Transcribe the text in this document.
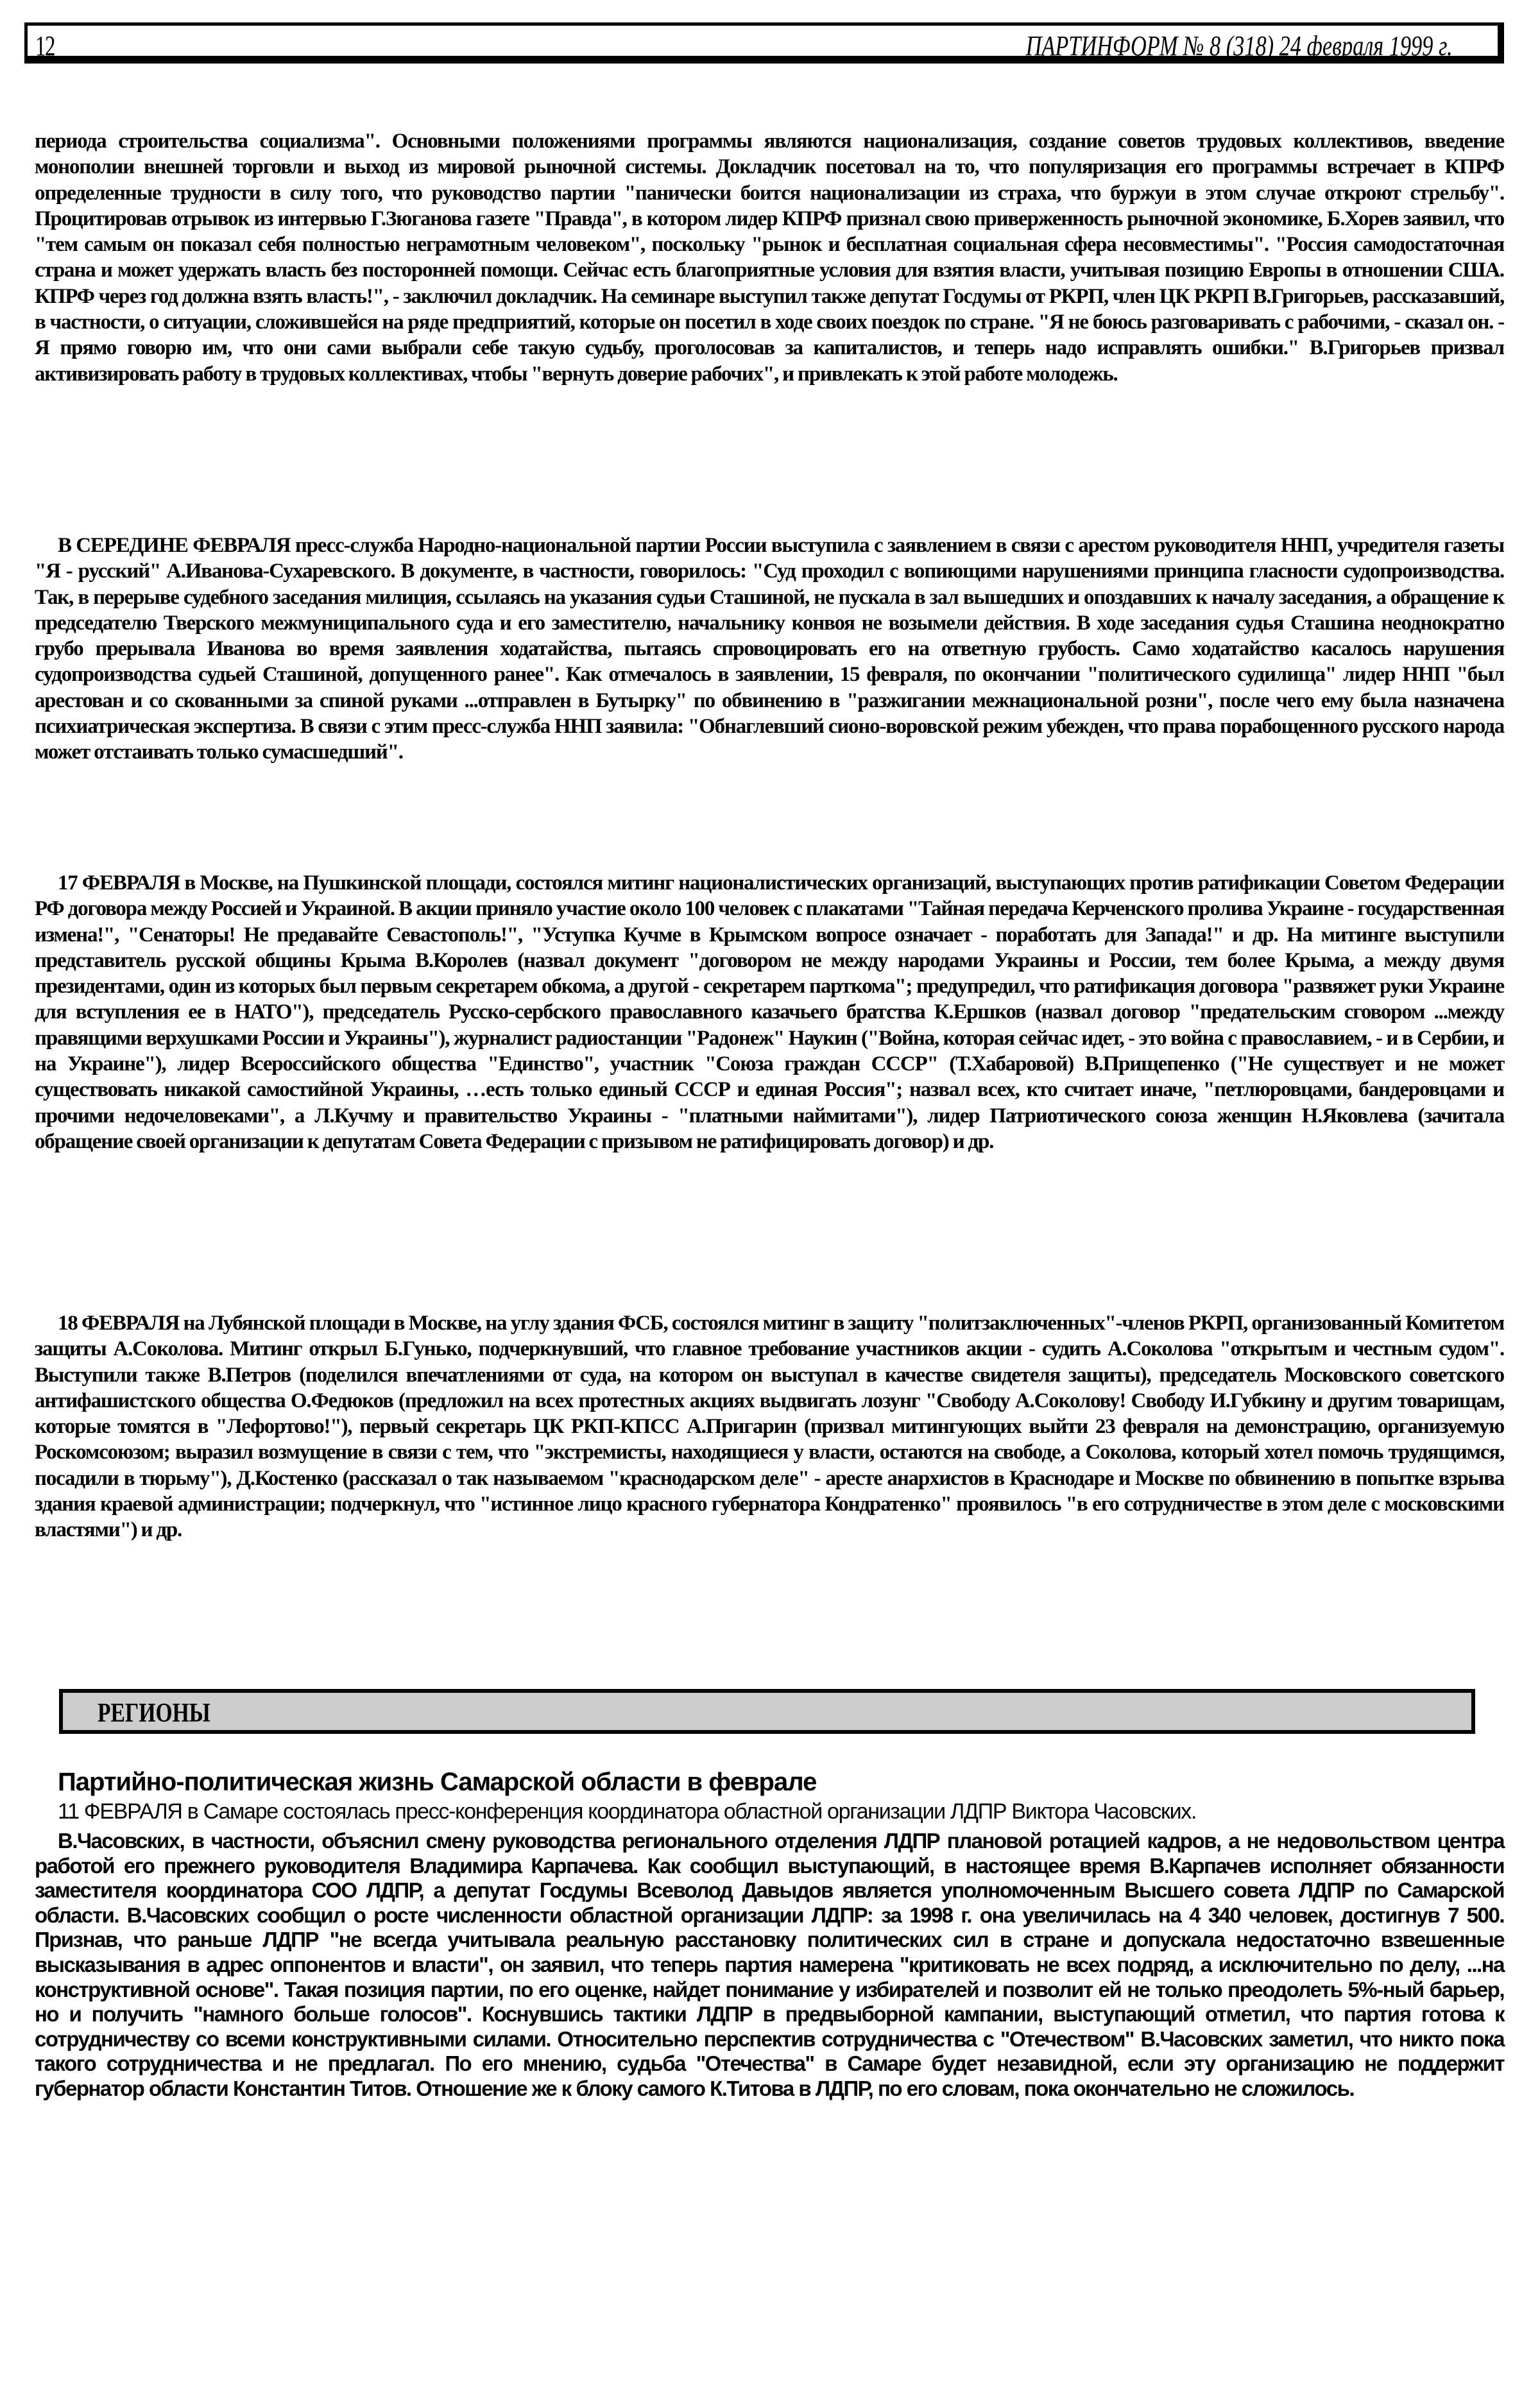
12	ПАРТИНФОРМ № 8 (318) 24 февраля 1999 г.

периода строительства социализма". Основными положениями программы являются национализация, создание советов трудовых коллективов, введение монополии внешней торговли и выход из мировой рыночной системы. Докладчик посетовал на то, что популяризация его программы встречает в КПРФ определенные трудности в силу того, что руководство партии "панически боится национализации из страха, что буржуи в этом случае откроют стрельбу". Процитировав отрывок из интервью Г.Зюганова газете "Правда", в котором лидер КПРФ признал свою приверженность рыночной экономике, Б.Хорев заявил, что "тем самым он показал себя полностью неграмотным человеком", поскольку "рынок и бесплатная социальная сфера несовместимы". "Россия самодостаточная страна и может удержать власть без посторонней помощи. Сейчас есть благоприятные условия для взятия власти, учитывая позицию Европы в отношении США. КПРФ через год должна взять власть!", - заключил докладчик. На семинаре выступил также депутат Госдумы от РКРП, член ЦК РКРП В.Григорьев, рассказавший, в частности, о ситуации, сложившейся на ряде предприятий, которые он посетил в ходе своих поездок по стране. "Я не боюсь разговаривать с рабочими, - сказал он. - Я прямо говорю им, что они сами выбрали себе такую судьбу, проголосовав за капиталистов, и теперь надо исправлять ошибки." В.Григорьев призвал активизировать работу в трудовых коллективах, чтобы "вернуть доверие рабочих", и привлекать к этой работе молодежь.

В СЕРЕДИНЕ ФЕВРАЛЯ пресс-служба Народно-национальной партии России выступила с заявлением в связи с арестом руководителя ННП, учредителя газеты "Я - русский" А.Иванова-Сухаревского. В документе, в частности, говорилось: "Суд проходил с вопиющими нарушениями принципа гласности судопроизводства. Так, в перерыве судебного заседания милиция, ссылаясь на указания судьи Сташиной, не пускала в зал вышедших и опоздавших к началу заседания, а обращение к председателю Тверского межмуниципального суда и его заместителю, начальнику конвоя не возымели действия. В ходе заседания судья Сташина неоднократно грубо прерывала Иванова во время заявления ходатайства, пытаясь спровоцировать его на ответную грубость. Само ходатайство касалось нарушения судопроизводства судьей Сташиной, допущенного ранее". Как отмечалось в заявлении, 15 февраля, по окончании "политического судилища" лидер ННП "был арестован и со скованными за спиной руками ...отправлен в Бутырку" по обвинению в "разжигании межнациональной розни", после чего ему была назначена психиатрическая экспертиза. В связи с этим пресс-служба ННП заявила: "Обнаглевший сионо-воровской режим убежден, что права порабощенного русского народа может отстаивать только сумасшедший".

17 ФЕВРАЛЯ в Москве, на Пушкинской площади, состоялся митинг националистических организаций, выступающих против ратификации Советом Федерации РФ договора между Россией и Украиной. В акции приняло участие около 100 человек с плакатами "Тайная передача Керченского пролива Украине - государственная измена!", "Сенаторы! Не предавайте Севастополь!", "Уступка Кучме в Крымском вопросе означает - поработать для Запада!" и др. На митинге выступили представитель русской общины Крыма В.Королев (назвал документ "договором не между народами Украины и России, тем более Крыма, а между двумя президентами, один из которых был первым секретарем обкома, а другой - секретарем парткома"; предупредил, что ратификация договора "развяжет руки Украине для вступления ее в НАТО"), председатель Русско-сербского православного казачьего братства К.Ершков (назвал договор "предательским сговором ...между правящими верхушками России и Украины"), журналист радиостанции "Радонеж" Наукин ("Война, которая сейчас идет, - это война с православием, - и в Сербии, и на Украине"), лидер Всероссийского общества "Единство", участник "Союза граждан СССР" (Т.Хабаровой) В.Прищепенко ("Не существует и не может существовать никакой самостийной Украины, …есть только единый СССР и единая Россия"; назвал всех, кто считает иначе, "петлюровцами, бандеровцами и прочими недочеловеками", а Л.Кучму и правительство Украины - "платными наймитами"), лидер Патриотического союза женщин Н.Яковлева (зачитала обращение своей организации к депутатам Совета Федерации с призывом не ратифицировать договор) и др.

18 ФЕВРАЛЯ на Лубянской площади в Москве, на углу здания ФСБ, состоялся митинг в защиту "политзаключенных"-членов РКРП, организованный Комитетом защиты А.Соколова. Митинг открыл Б.Гунько, подчеркнувший, что главное требование участников акции - судить А.Соколова "открытым и честным судом". Выступили также В.Петров (поделился впечатлениями от суда, на котором он выступал в качестве свидетеля защиты), председатель Московского советского антифашистского общества О.Федюков (предложил на всех протестных акциях выдвигать лозунг "Свободу А.Соколову! Свободу И.Губкину и другим товарищам, которые томятся в "Лефортово!"), первый секретарь ЦК РКП-КПСС А.Пригарин (призвал митингующих выйти 23 февраля на демонстрацию, организуемую Роскомсоюзом; выразил возмущение в связи с тем, что "экстремисты, находящиеся у власти, остаются на свободе, а Соколова, который хотел помочь трудящимся, посадили в тюрьму"), Д.Костенко (рассказал о так называемом "краснодарском деле" - аресте анархистов в Краснодаре и Москве по обвинению в попытке взрыва здания краевой администрации; подчеркнул, что "истинное лицо красного губернатора Кондратенко" проявилось "в его сотрудничестве в этом деле с московскими властями") и др.

РЕГИОНЫ
Партийно-политическая жизнь Самарской области в феврале

11 ФЕВРАЛЯ в Самаре состоялась пресс-конференция координатора областной организации ЛДПР Виктора Часовских.

В.Часовских, в частности, объяснил смену руководства регионального отделения ЛДПР плановой ротацией кадров, а не недовольством центра работой его прежнего руководителя Владимира Карпачева. Как сообщил выступающий, в настоящее время В.Карпачев исполняет обязанности заместителя координатора СОО ЛДПР, а депутат Госдумы Всеволод Давыдов является уполномоченным Высшего совета ЛДПР по Самарской области. В.Часовских сообщил о росте численности областной организации ЛДПР: за 1998 г. она увеличилась на 4 340 человек, достигнув 7 500. Признав, что раньше ЛДПР "не всегда учитывала реальную расстановку политических сил в стране и допускала недостаточно взвешенные высказывания в адрес оппонентов и власти", он заявил, что теперь партия намерена "критиковать не всех подряд, а исключительно по делу, ...на конструктивной основе". Такая позиция партии, по его оценке, найдет понимание у избирателей и позволит ей не только преодолеть 5%-ный барьер, но и получить "намного больше голосов". Коснувшись тактики ЛДПР в предвыборной кампании, выступающий отметил, что партия готова к сотрудничеству со всеми конструктивными силами. Относительно перспектив сотрудничества с "Отечеством" В.Часовских заметил, что никто пока такого сотрудничества и не предлагал. По его мнению, судьба "Отечества" в Самаре будет незавидной, если эту организацию не поддержит губернатор области Константин Титов. Отношение же к блоку самого К.Титова в ЛДПР, по его словам, пока окончательно не сложилось.
